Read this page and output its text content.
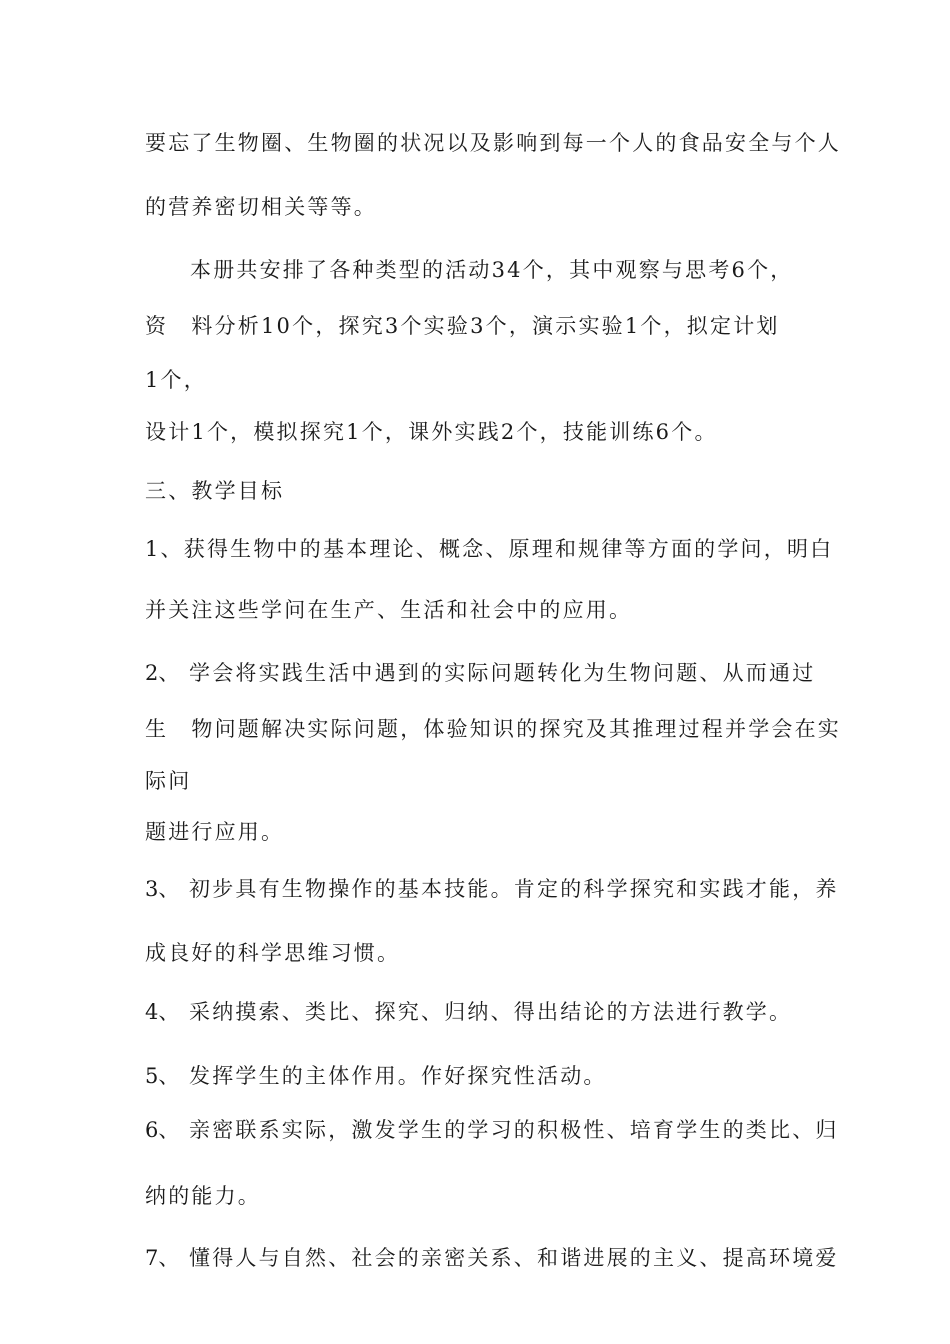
要忘了生物圈、生物圈的状况以及影响到每一个人的食品安全与个人
的营养密切相关等等。
本册共安排了各种类型的活动34个，其中观察与思考6个，
资　料分析10个，探究3个实验3个，演示实验1个，拟定计划
1个，
设计1个，模拟探究1个，课外实践2个，技能训练6个。
三、教学目标
1、获得生物中的基本理论、概念、原理和规律等方面的学问，明白
并关注这些学问在生产、生活和社会中的应用。
2、 学会将实践生活中遇到的实际问题转化为生物问题、从而通过
生　物问题解决实际问题，体验知识的探究及其推理过程并学会在实
际问
题进行应用。
3、 初步具有生物操作的基本技能。肯定的科学探究和实践才能，养
成良好的科学思维习惯。
4、 采纳摸索、类比、探究、归纳、得出结论的方法进行教学。
5、 发挥学生的主体作用。作好探究性活动。
6、 亲密联系实际，激发学生的学习的积极性、培育学生的类比、归
纳的能力。
7、 懂得人与自然、社会的亲密关系、和谐进展的主义、提高环境爱
